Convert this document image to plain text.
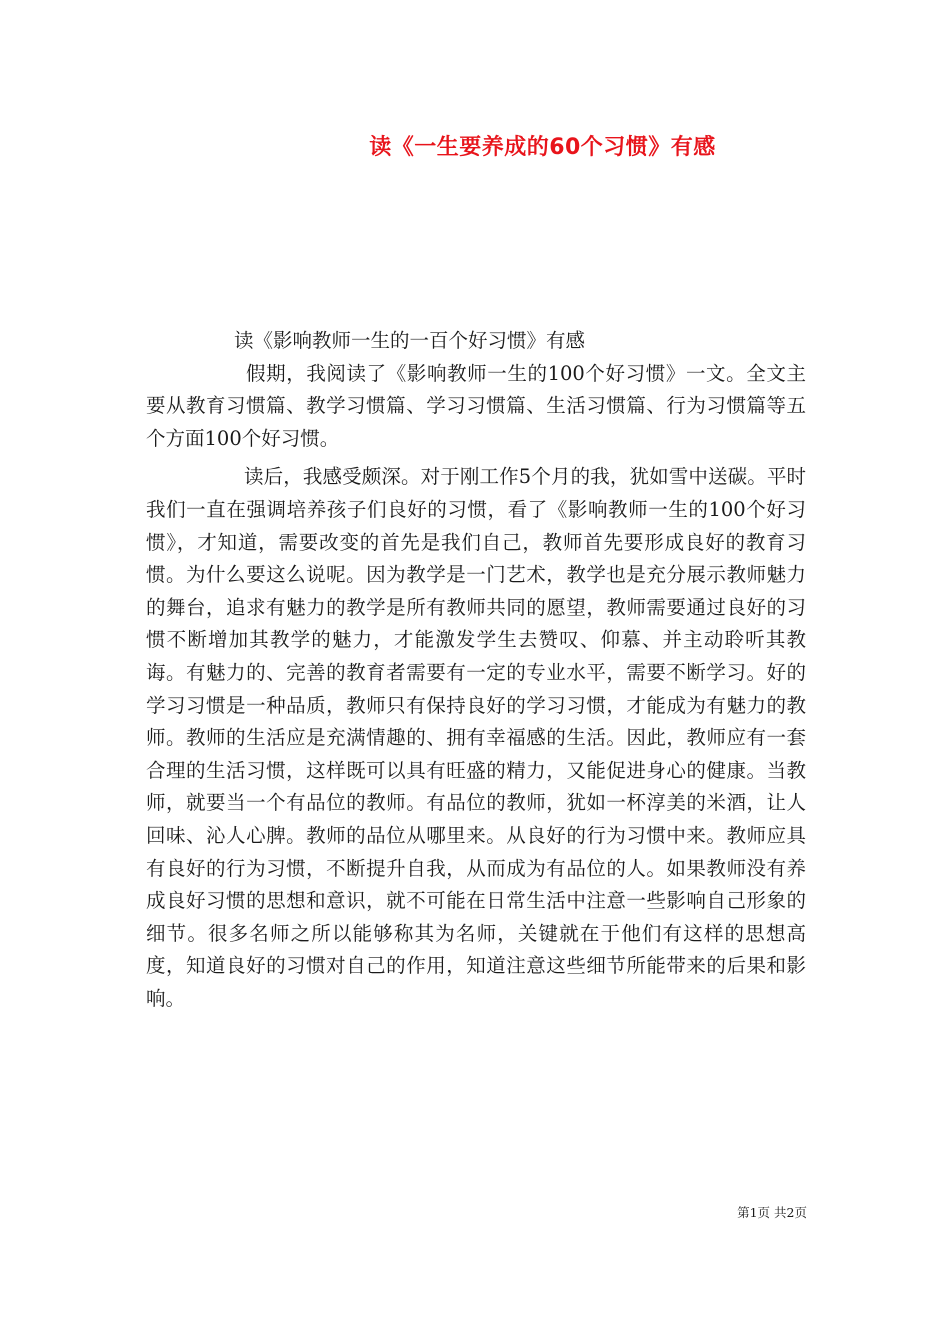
读《一生要养成的60个习惯》有感

读《影响教师一生的一百个好习惯》有感

假期，我阅读了《影响教师一生的100个好习惯》一文。全文主要从教育习惯篇、教学习惯篇、学习习惯篇、生活习惯篇、行为习惯篇等五个方面100个好习惯。

读后，我感受颇深。对于刚工作5个月的我，犹如雪中送碳。平时我们一直在强调培养孩子们良好的习惯，看了《影响教师一生的100个好习惯》，才知道，需要改变的首先是我们自己，教师首先要形成良好的教育习惯。为什么要这么说呢。因为教学是一门艺术，教学也是充分展示教师魅力的舞台，追求有魅力的教学是所有教师共同的愿望，教师需要通过良好的习惯不断增加其教学的魅力，才能激发学生去赞叹、仰慕、并主动聆听其教诲。有魅力的、完善的教育者需要有一定的专业水平，需要不断学习。好的学习习惯是一种品质，教师只有保持良好的学习习惯，才能成为有魅力的教师。教师的生活应是充满情趣的、拥有幸福感的生活。因此，教师应有一套合理的生活习惯，这样既可以具有旺盛的精力，又能促进身心的健康。当教师，就要当一个有品位的教师。有品位的教师，犹如一杯淳美的米酒，让人回味、沁人心脾。教师的品位从哪里来。从良好的行为习惯中来。教师应具有良好的行为习惯，不断提升自我，从而成为有品位的人。如果教师没有养成良好习惯的思想和意识，就不可能在日常生活中注意一些影响自己形象的细节。很多名师之所以能够称其为名师，关键就在于他们有这样的思想高度，知道良好的习惯对自己的作用，知道注意这些细节所能带来的后果和影响。

第1页 共2页
